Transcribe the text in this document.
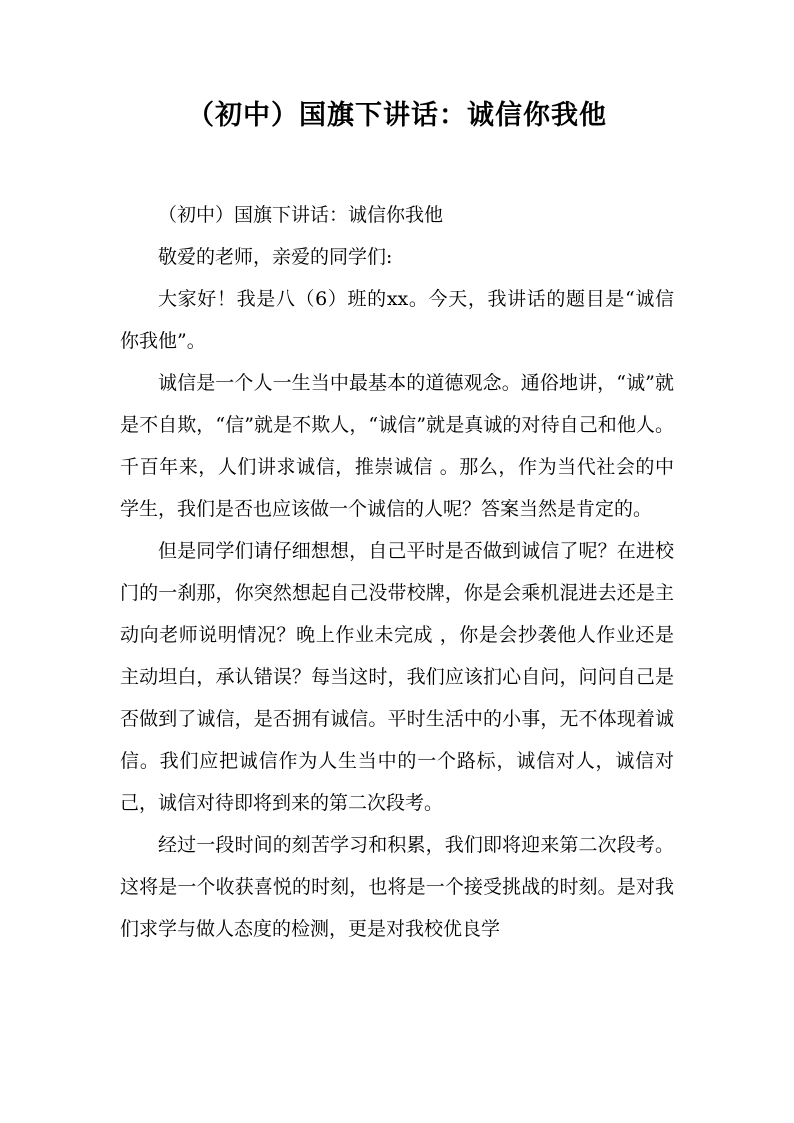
（初中）国旗下讲话：诚信你我他

（初中）国旗下讲话：诚信你我他

敬爱的老师，亲爱的同学们:

大家好！我是八（6）班的xx。今天，我讲话的题目是“诚信你我他”。

诚信是一个人一生当中最基本的道德观念。通俗地讲，“诚”就是不自欺，“信”就是不欺人，“诚信”就是真诚的对待自己和他人。千百年来，人们讲求诚信，推崇诚信 。那么，作为当代社会的中学生，我们是否也应该做一个诚信的人呢？答案当然是肯定的。

但是同学们请仔细想想，自己平时是否做到诚信了呢？在进校门的一刹那，你突然想起自己没带校牌，你是会乘机混进去还是主动向老师说明情况？晚上作业未完成 ，你是会抄袭他人作业还是主动坦白，承认错误？每当这时，我们应该扪心自问，问问自己是否做到了诚信，是否拥有诚信。平时生活中的小事，无不体现着诚信。我们应把诚信作为人生当中的一个路标，诚信对人，诚信对己，诚信对待即将到来的第二次段考。

经过一段时间的刻苦学习和积累，我们即将迎来第二次段考。这将是一个收获喜悦的时刻，也将是一个接受挑战的时刻。是对我们求学与做人态度的检测，更是对我校优良学
